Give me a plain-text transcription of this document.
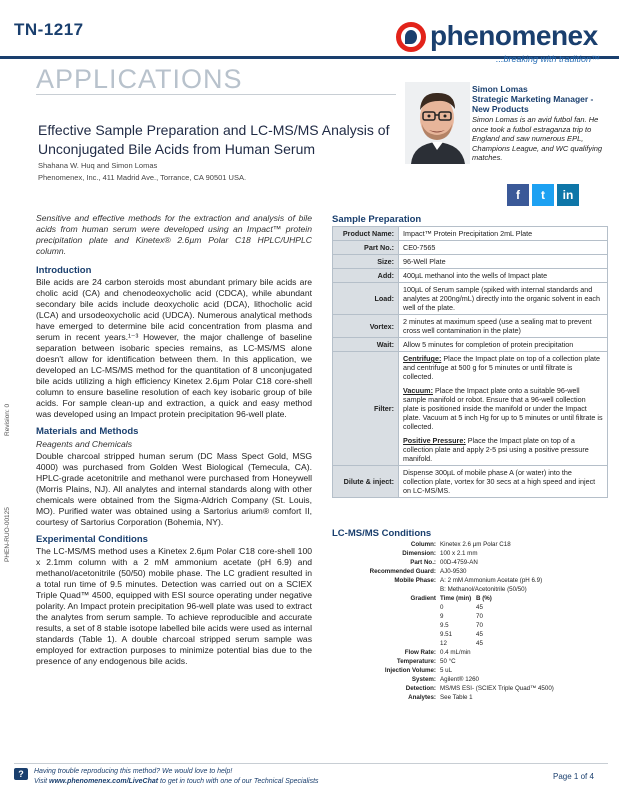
TN-1217	phenomenex
...breaking with tradition™
APPLICATIONS
Effective Sample Preparation and LC-MS/MS Analysis of Unconjugated Bile Acids from Human Serum
Shahana W. Huq and Simon Lomas
Phenomenex, Inc., 411 Madrid Ave., Torrance, CA 90501 USA.
Simon Lomas
Strategic Marketing Manager - New Products
Simon Lomas is an avid futbol fan. He once took a futbol estraganza trip to England and saw numerous EPL, Champions League, and WC qualifying matches.
f	t	in
Revision: 0
PHEN-RUO-00125
Sensitive and effective methods for the extraction and analysis of bile acids from human serum were developed using an Impact™ protein precipitation plate and Kinetex® 2.6µm Polar C18 HPLC/UHPLC column.
Introduction
Bile acids are 24 carbon steroids most abundant primary bile acids are cholic acid (CA) and chenodeoxycholic acid (CDCA), while abundant secondary bile acids include deoxycholic acid (DCA), lithocholic acid (LCA) and ursodeoxycholic acid (UDCA). Numerous analytical methods have emerged to determine bile acid concentration from plasma and serum in recent years.¹⁻³ However, the major challenge of baseline separation between isobaric species remains, as LC-MS/MS alone doesn't allow for identification between them. In this application, we developed an LC-MS/MS method for the quantitation of 8 unconjugated bile acids utilizing a high efficiency Kinetex 2.6µm Polar C18 core-shell column to ensure baseline resolution of each key isobaric group of bile acids. For sample clean-up and extraction, a quick and easy method was developed using an Impact protein precipitation 96-well plate.
Materials and Methods
Reagents and Chemicals
Double charcoal stripped human serum (DC Mass Spect Gold, MSG 4000) was purchased from Golden West Biological (Temecula, CA). HPLC-grade acetonitrile and methanol were purchased from Honeywell (Morris Plains, NJ). All analytes and internal standards along with other chemicals were obtained from the Sigma-Aldrich Company (St. Louis, MO). Purified water was obtained using a Sartorius arium® comfort II, courtesy of Sartorius Corporation (Bohemia, NY).
Experimental Conditions
The LC-MS/MS method uses a Kinetex 2.6µm Polar C18 core-shell 100 x 2.1mm column with a 2 mM ammonium acetate (pH 6.9) and methanol/acetonitrile (50/50) mobile phase. The LC gradient resulted in a total run time of 9.5 minutes. Detection was carried out on a SCIEX Triple Quad™ 4500, equipped with ESI source operating under negative polarity. An Impact protein precipitation 96-well plate was used to extract the analytes from serum sample. To achieve reproducible and accurate results, a set of 8 stable isotope labelled bile acids were used as internal standards (Table 1). A double charcoal stripped serum sample was employed for extraction purposes to minimize potential bias due to the presence of any endogenous bile acids.
Sample Preparation
Product Name:	Impact™ Protein Precipitation 2mL Plate
Part No.:	CE0-7565
Size:	96-Well Plate
Add:	400µL methanol into the wells of Impact plate
Load:	100µL of Serum sample (spiked with internal standards and analytes at 200ng/mL) directly into the organic solvent in each well of the plate.
Vortex:	2 minutes at maximum speed (use a sealing mat to prevent cross well contamination in the plate)
Wait:	Allow 5 minutes for completion of protein precipitation
Filter:	Centrifuge: Place the Impact plate on top of a collection plate and centrifuge at 500 g for 5 minutes or until filtrate is collected.
Vacuum: Place the Impact plate onto a suitable 96-well sample manifold or robot. Ensure that a 96-well collection plate is positioned inside the manifold or under the Impact plate. Vacuum at 5 inch Hg for up to 5 minutes or until filtrate is collected.
Positive Pressure: Place the Impact plate on top of a collection plate and apply 2-5 psi using a positive pressure manifold.

Dilute & inject:	Dispense 300µL of mobile phase A (or water) into the collection plate, vortex for 30 secs at a high speed and inject on LC-MS/MS.
LC-MS/MS Conditions
Column: Kinetex 2.6 µm Polar C18
Dimension: 100 x 2.1 mm
Part No.: 00D-4759-AN
Recommended Guard: AJ0-9530
Mobile Phase: A: 2 mM Ammonium Acetate (pH 6.9)
B: Methanol/Acetonitrile (50/50)
Gradient Time (min) B (%)
0	45
9	70
9.5	70
9.51	45
12	45
Flow Rate: 0.4 mL/min
Temperature: 50 °C
Injection Volume: 5 uL
System: Agilent® 1260
Detection: MS/MS ESI- (SCIEX Triple Quad™ 4500)
Analytes: See Table 1
?	Having trouble reproducing this method? We would love to help!
Visit www.phenomenex.com/LiveChat to get in touch with one of our Technical Specialists
Page 1 of 4
